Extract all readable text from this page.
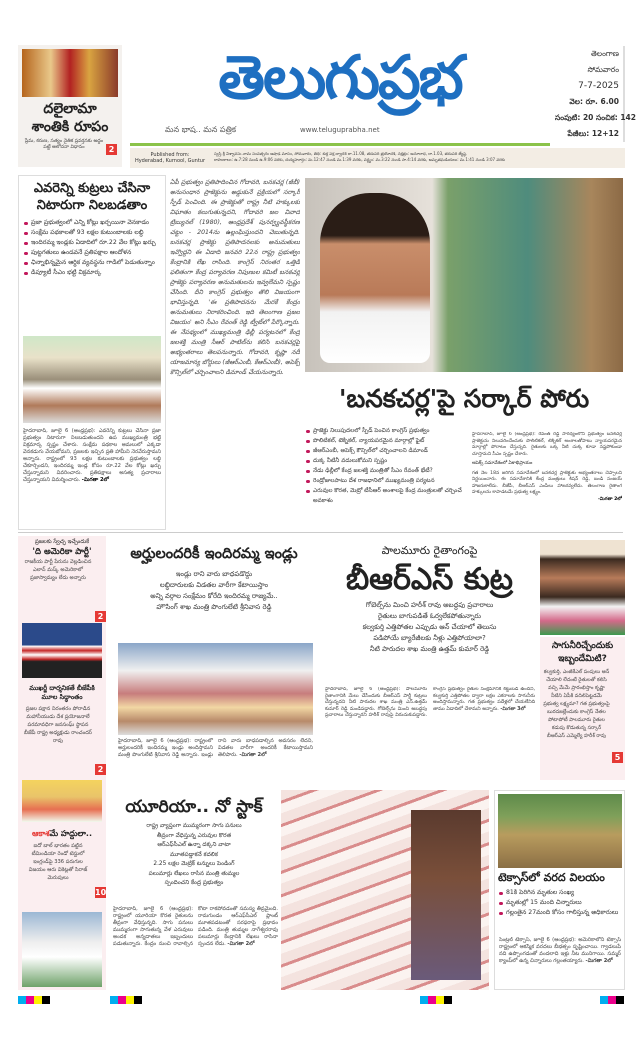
దలైలామా
శాంతికి రూపం
ప్రేమ, కరుణ, సత్యం నైతిక ప్రవర్తనకు అద్దం పట్టే ఆలోచనా విధానం	2
తెలుగుప్రభ
మన భాష.. మన పత్రిక	www.teluguprabha.net
తెలంగాణ
సోమవారం
7-7-2025
వెల: రూ. 6.00
సంపుటి: 20 సంచిక: 142
పేజీలు: 12+12
Published from:
Hyderabad, Kurnool, Guntur
స్వస్తి శ్రీ విశ్వావసు నామ సంవత్సరం ఆషాఢ మాసం, సోమవారం, తిథి: శుక్ల పక్ష ద్వాదశి రా.11.08, తదుపరి త్రయోదశి, నక్షత్రం: అనూరాధ, రా.1.03, తదుపరి జ్యేష్ఠ.
రాహుకాలం: ఉ.7:28 నుండి ఉ.9:06 వరకు, దుర్ముహూర్తం: మ.12:47 నుండి మ.1:39 వరకు, వర్జ్యం: మ.3:22 నుండి సా.4:14 వరకు, అమృతఘడియలు: మ.1:41 నుండి 3:07 వరకు
ఎవరెన్ని కుట్రలు చేసినా నిటారుగా నిలబడతాం
ప్రజా ప్రభుత్వంలో ఎన్ని కోట్లు ఖర్చయినా వెనకాడం
సంక్షేమ పథకాలతో 93 లక్షల కుటుంబాలకు లబ్ధి
ఇందిరమ్మ ఇండ్లకు ఏడాదిలో రూ.22 వేల కోట్లు ఖర్చు
పుట్టగతులు ఉండవనే ప్రతిపక్షాల ఆందోళన
ఛిన్నాభిన్నమైన ఆర్థిక వ్యవస్థను గాడిలో పెడుతున్నాం
డిప్యూటీ సీఎం భట్టి విక్రమార్క
హైదరాబాద్, జూలై 6 (ఆంధ్రప్రభ): ఎవరెన్ని కుట్రలు చేసినా ప్రజా ప్రభుత్వం నిటారుగా నిలబడుతుందని ఉప ముఖ్యమంత్రి భట్టి విక్రమార్క స్పష్టం చేశారు. సంక్షేమ పథకాల అమలులో ఎక్కడా వెనకడుగు వేయబోమని, ప్రజలకు ఇచ్చిన ప్రతి హామీని నెరవేరుస్తామని అన్నారు. రాష్ట్రంలో 93 లక్షల కుటుంబాలకు ప్రభుత్వం లబ్ధి చేకూర్చిందని, ఇందిరమ్మ ఇండ్ల కోసం రూ.22 వేల కోట్లు ఖర్చు చేస్తున్నామని వివరించారు. ప్రతిపక్షాలు అసత్య ప్రచారాలు చేస్తున్నాయని విమర్శించారు. -మిగతా 2లో
ఏపీ ప్రభుత్వం ప్రతిపాదించిన గోదావరి, బనకచర్ల (జీబీ) అనుసంధాన ప్రాజెక్టును అడ్డుకునే ప్రక్రియలో సర్కార్ స్పీడ్ పెంచింది. ఈ ప్రాజెక్టుతో రాష్ట్ర నీటి హక్కులకు విఘాతం కలుగుతున్నదని, గోదావరి జల వివాద ట్రిబ్యునల్ (1980), ఆంధ్రప్రదేశ్ పునర్వ్యవస్థీకరణ చట్టం - 2014ను ఉల్లంఘిస్తుందని చెబుతున్నది. బనకచర్ల ప్రాజెక్టు ప్రతిపాదనలకు అనుమతులు ఇవ్వొద్దని ఈ ఏడాది జనవరి 22న రాష్ట్ర ప్రభుత్వం కేంద్రానికి లేఖ రాసింది. కాంగ్రెస్ నిరంతర ఒత్తిడి ఫలితంగా కేంద్ర పర్యావరణ నిపుణుల కమిటీ బనకచర్ల ప్రాజెక్టు పర్యావరణ అనుమతులను ఇవ్వలేమని స్పష్టం చేసింది. దీని కాంగ్రెస్ ప్రభుత్వం తొలి విజయంగా భావిస్తున్నది. 'ఈ ప్రతిపాదనను మేరకే కేంద్రం అనుమతులు నిరాకరించింది. ఇది తెలంగాణ ప్రజల విజయం' అని సీఎం రేవంత్ రెడ్డి ట్వీట్‌లో పేర్కొన్నారు. ఈ నేపథ్యంలో ముఖ్యమంత్రి ఢిల్లీ పర్యటనలో కేంద్ర జలశక్తి మంత్రి సీఆర్ పాటిల్‌ను కలిసి బనకచర్లపై అభ్యంతరాలు తెలపనున్నారు. గోదావరి, కృష్ణా నదీ యాజమాన్య బోర్డులు (జీఆర్ఎంబీ, కేఆర్ఎంబీ), అపెక్స్ కౌన్సిల్‌లో చర్చించాలని డిమాండ్ చేయనున్నారు.
'బనకచర్ల'పై సర్కార్ పోరు
ప్రాజెక్టు నిలుపుదలలో స్పీడ్ పెంచిన కాంగ్రెస్ ప్రభుత్వం
పొలిటికల్, టెక్నికల్, న్యాయపరమైన మార్గాల్లో ఫైట్
జీఆర్ఎంబీ, అపెక్స్ కౌన్సిల్‌లో చర్చించాలని డిమాండ్
దుక్క నీటినీ వదులుకోమని స్పష్టం
నేడు ఢిల్లీలో కేంద్ర జలశక్తి మంత్రితో సీఎం రేవంత్ భేటీ?
రెండ్రోజులపాటు దేశ రాజధానిలో ముఖ్యమంత్రి పర్యటన
ఎరువుల కొరత, మెట్రో టీసీఆర్ అంశాలపై కేంద్ర మంత్రులతో చర్చించే అవకాశం
హైదరాబాద్, జూలై 6 (ఆంధ్రప్రభ): రేవంత్ రెడ్డి సారథ్యంలోని ప్రభుత్వం బనకచర్ల ప్రాజెక్టును నిలువరించేందుకు పొలిటికల్, టెక్నికల్ అంశాలతోపాటు న్యాయపరమైన మార్గాల్లో పోరాటం చేస్తున్నది. రైతులకు ఒక్క నీటి చుక్క కూడా నష్టపోకుండా చూస్తామని సీఎం స్పష్టం చేశారు.
అపెక్స్ సమావేశంలో ఏకాభిప్రాయం
గత నెల 18న జరిగిన సమావేశంలో బనకచర్ల ప్రాజెక్టుకు అభ్యంతరాలు చెప్పాలని నిర్ణయించారు. ఈ సమావేశానికి కేంద్ర మంత్రులు కిషన్ రెడ్డి, బండి సంజయ్ హాజరుకాలేదు. బీజేపీ, బీఆర్ఎస్ ఎంపీలు హాజరవ్వలేదు. తెలంగాణ రైతాంగ హక్కులను కాపాడటమే ప్రభుత్వ లక్ష్యం.
-మిగతా 2లో
ప్రజలకు స్వేచ్ఛ ఇచ్చేందుకే
'ది అమెరికా పార్టీ'
రాజకీయ పార్టీ పేరును వెల్లడించిన ఎలాన్ మస్క్ అమెరికాలో ప్రజాస్వామ్యం లేదు అన్నారు
2
ముఖర్జీ దార్శనికతే బీజేపీకి మూల సిద్ధాంతం
ప్రజల పక్షాన నిరంతరం పోరాడిన మహానీయుడు దేశ ప్రయోజనాలే పరమావధిగా జనసంఘ్ స్థాపన బీజేపీ రాష్ట్ర అధ్యక్షుడు రాంచందర్ రావు
2
ఆకాశమే హద్దులా..
ఐదో బాల్ భారతం పట్టిన టీమిండియా రెండో టెస్టులో ఇంగ్లండ్‌పై 336 పరుగుల విజయం ఆరు వికెట్లతో సిరాజ్ మెరుపులు
10
అర్హులందరికీ ఇందిరమ్మ ఇండ్లు
ఇండ్లు రాని వారు బాధపడొద్దు
లబ్ధిదారులకు విడతల వారీగా కేటాయిస్తాం
అన్ని వర్గాల సంక్షేమం కోరేది ఇందిరమ్మ రాజ్యమే..
హౌసింగ్ శాఖ మంత్రి పొంగులేటి శ్రీనివాస రెడ్డి
హైదరాబాద్, జూలై 6 (ఆంధ్రప్రభ): రాష్ట్రంలో అర్హులందరికీ ఇందిరమ్మ ఇండ్లు అందిస్తామని మంత్రి పొంగులేటి శ్రీనివాస రెడ్డి అన్నారు. ఇండ్లు రాని వారు బాధపడాల్సిన అవసరం లేదని, విడతల వారీగా అందరికీ కేటాయిస్తామని తెలిపారు. -మిగతా 2లో
పాలమూరు రైతాంగంపై
బీఆర్ఎస్ కుట్ర
గోబెల్స్‌ను మించి హరీశ్ రావు అబద్ధపు ప్రచారాలు
రైతులు బాగుపడితే ఓర్వలేకపోతున్నారు
కల్వకుర్తి ఎత్తిపోతల ఎప్పుడు ఆన్ చేయాలో తెలుసు
పడిపోయే బ్యారేజీలకు నీళ్లు ఎత్తిపోయాలా?
నీటి పారుదల శాఖ మంత్రి ఉత్తమ్ కుమార్ రెడ్డి
హైదరాబాద్, జూలై 6 (ఆంధ్రప్రభ): పాలమూరు రైతాంగానికి మేలు చేసేందుకు బీఆర్ఎస్ పార్టీ కుట్రలు చేస్తున్నదని నీటి పారుదల శాఖ మంత్రి ఎన్.ఉత్తమ్ కుమార్ రెడ్డి మండిపడ్డారు. గోబెల్స్‌ను మించి అబద్ధపు ప్రచారాలు చేస్తున్నారని హరీశ్ రావుపై విరుచుకుపడ్డారు. కాంగ్రెస్ ప్రభుత్వం రైతుల సంక్షేమానికి కట్టుబడి ఉందని, కల్వకుర్తి ఎత్తిపోతల ద్వారా లక్షల ఎకరాలకు సాగునీరు అందిస్తామన్నారు. గత ప్రభుత్వం పదేళ్లలో చేయలేనిది తాము ఏడాదిలో చేశామని అన్నారు. -మిగతా 3లో
సాగునీరిచ్చేందుకు ఇబ్బందేమిటి?
కల్వకుర్తి, ఎంజీకేఎల్ పంపులు ఆన్ చేయాలి లేదంటే రైతులతో కలిసి వచ్చి మేమే ప్రారంభిస్తాం కృష్ణా నీటిని ఏపీకి వదిలిపెట్టడమే ప్రభుత్వ లక్ష్యమా? గత ప్రభుత్వంపై బురదజల్లేందుకు కాంగ్రెస్ నేతల పోటాపోటీ పాలమూరు రైతుల కడుపు కొడుతున్న సర్కార్ బీఆర్ఎస్ ఎమ్మెల్యే హరీశ్ రావు
5
యూరియా.. నో స్టాక్
రాష్ట్ర వ్యాప్తంగా ముమ్మరంగా సాగు పనులు
తీవ్రంగా వేధిస్తున్న ఎరువుల కొరత
ఆర్ఎఫ్‌సీఎల్ ఉన్నా దక్కని వాటా
మూతపడ్డాకనే కదలిక
2.25 లక్షల మెట్రిక్ టన్నులు పెండింగ్
పలుమార్లు లేఖలు రాసిన మంత్రి తుమ్మల
స్పందించని కేంద్ర ప్రభుత్వం
హైదరాబాద్, జూలై 6 (ఆంధ్రప్రభ): రాష్ట్రంలో యూరియా కొరత రైతులను తీవ్రంగా వేధిస్తున్నది. సాగు పనులు ముమ్మరంగా సాగుతున్న వేళ ఎరువులు అందక అన్నదాతలు ఇబ్బందులు పడుతున్నారు. కేంద్రం నుంచి రావాల్సిన కోటా రాకపోవడంతో సమస్య తీవ్రమైంది. రామగుండం ఆర్ఎఫ్‌సీఎల్ ప్లాంట్ మూతపడటంతో సరఫరాపై ప్రభావం పడింది. మంత్రి తుమ్మల నాగేశ్వరరావు పలుమార్లు కేంద్రానికి లేఖలు రాసినా స్పందన లేదు. -మిగతా 2లో
టెక్సాస్‌లో వరద విలయం
81కి పెరిగిన మృతుల సంఖ్య
మృతుల్లో 15 మంది చిన్నారులు
గల్లంతైన 27మంది కోసం గాలిస్తున్న అధికారులు
సెంట్రల్ టెక్సాస్, జూలై 6 (ఆంధ్రప్రభ): అమెరికాలోని టెక్సాస్ రాష్ట్రంలో ఆకస్మిక వరదలు బీభత్సం సృష్టించాయి. గ్వాడలుపే నది ఉప్పొంగడంతో వందలాది ఇళ్లు నీట మునిగాయి. సమ్మర్ క్యాంప్‌లో ఉన్న చిన్నారులు గల్లంతయ్యారు. -మిగతా 2లో
